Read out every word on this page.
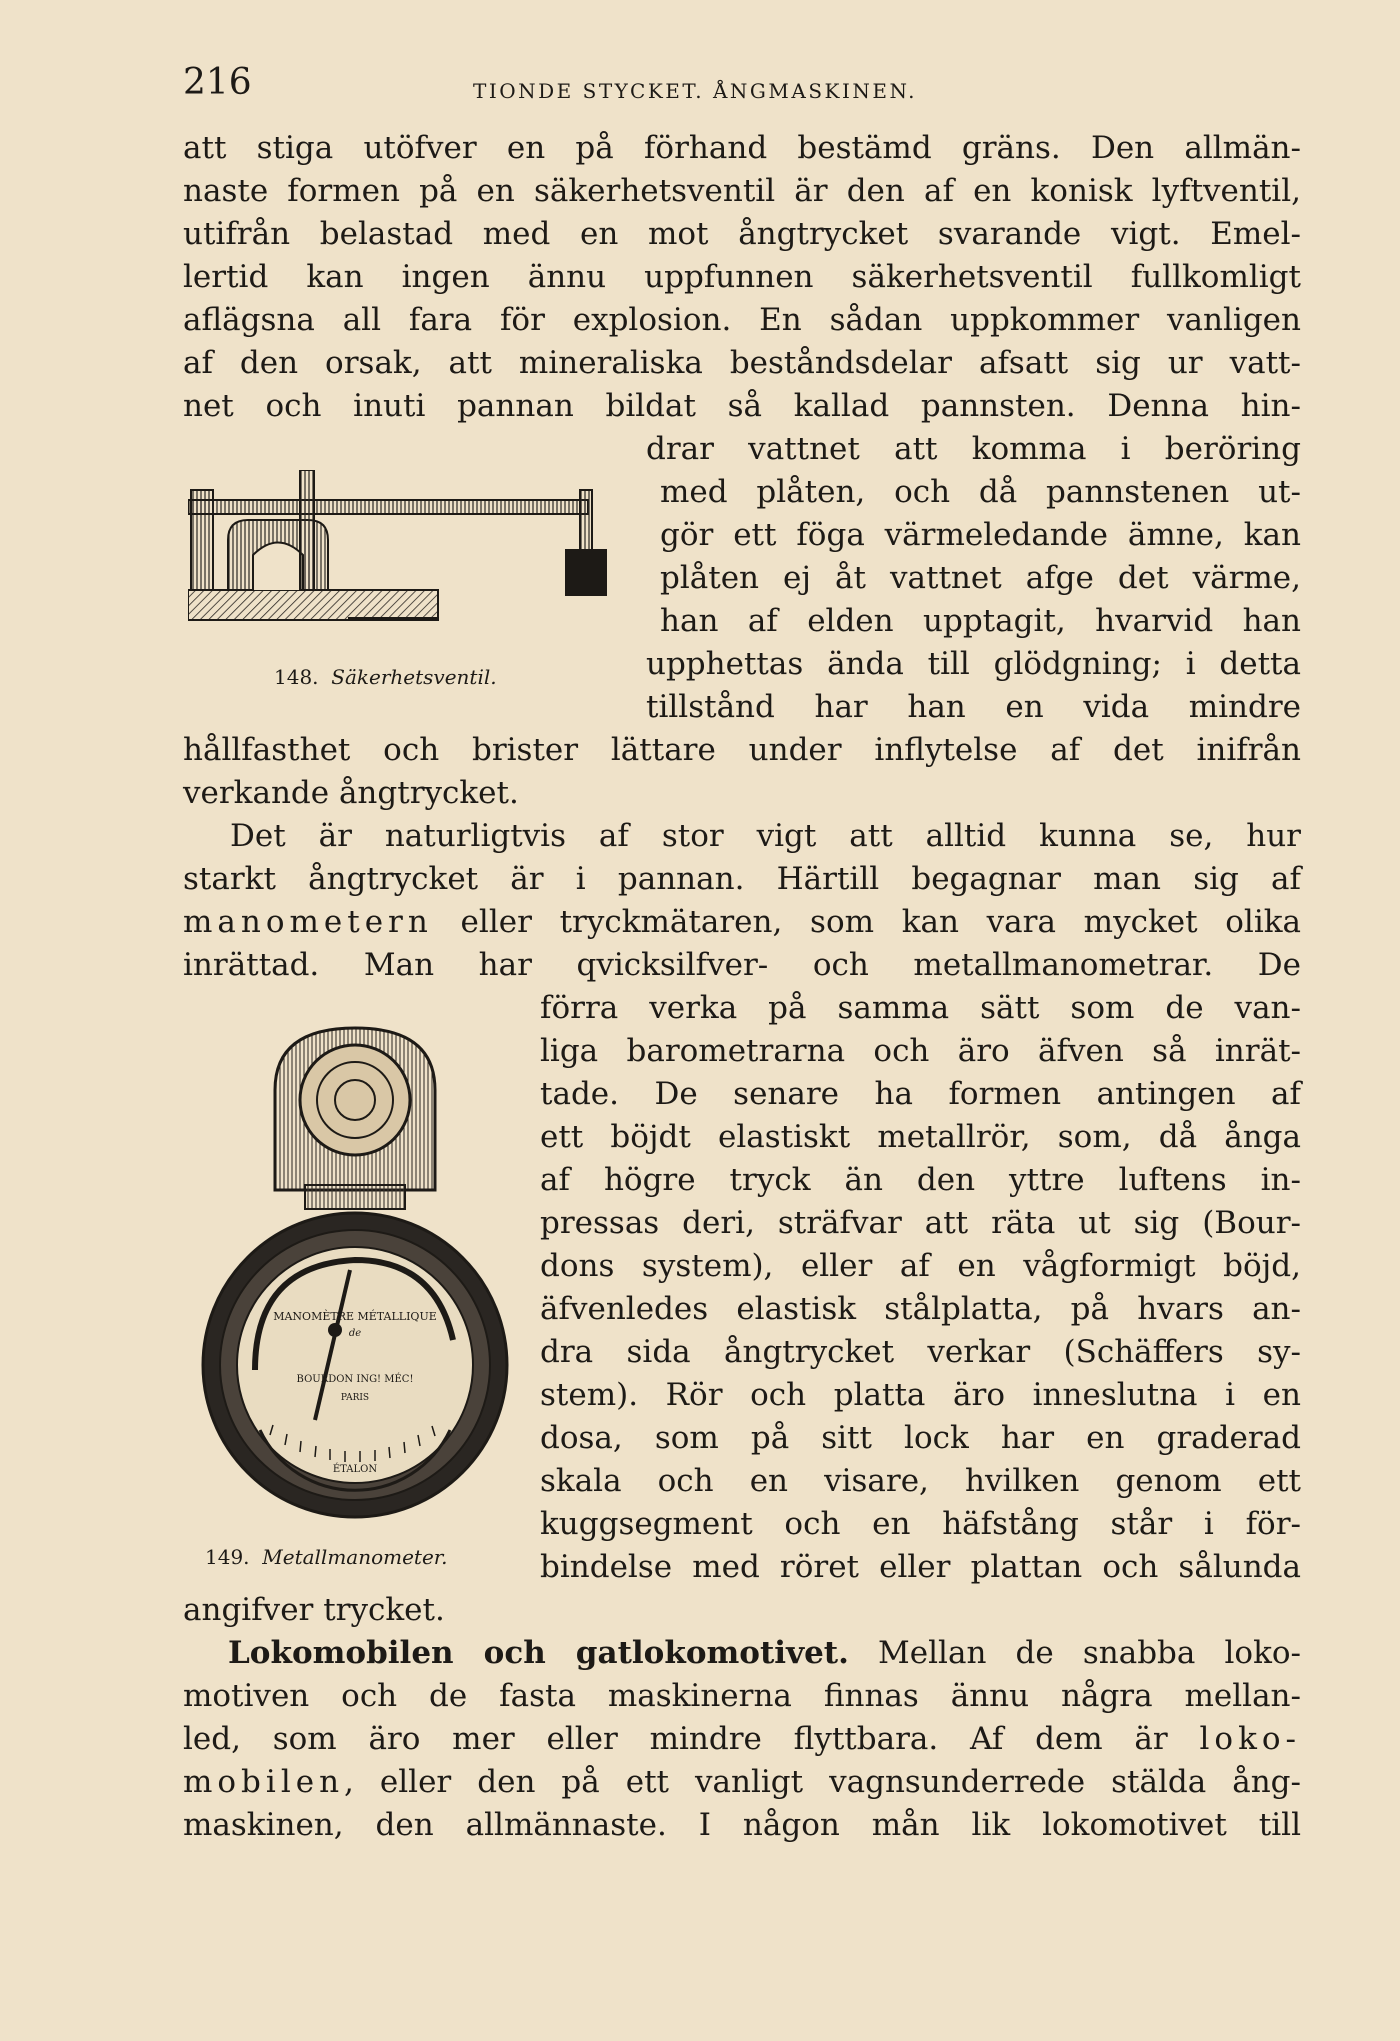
216	TIONDE STYCKET. ÅNGMASKINEN.
att stiga utöfver en på förhand bestämd gräns. Den allmän-
naste formen på en säkerhetsventil är den af en konisk lyftventil,
utifrån belastad med en mot ångtrycket svarande vigt. Emel-
lertid kan ingen ännu uppfunnen säkerhetsventil fullkomligt
aflägsna all fara för explosion. En sådan uppkommer vanligen
af den orsak, att mineraliska beståndsdelar afsatt sig ur vatt-
net och inuti pannan bildat så kallad pannsten. Denna hin-
drar vattnet att komma i beröring
med plåten, och då pannstenen ut-
gör ett föga värmeledande ämne, kan
plåten ej åt vattnet afge det värme,
han af elden upptagit, hvarvid han
upphettas ända till glödgning; i detta
tillstånd har han en vida mindre
hållfasthet och brister lättare under inflytelse af det inifrån
verkande ångtrycket.
Det är naturligtvis af stor vigt att alltid kunna se, hur
starkt ångtrycket är i pannan. Härtill begagnar man sig af
manometern eller tryckmätaren, som kan vara mycket olika
inrättad. Man har qvicksilfver- och metallmanometrar. De
förra verka på samma sätt som de van-
liga barometrarna och äro äfven så inrät-
tade. De senare ha formen antingen af
ett böjdt elastiskt metallrör, som, då ånga
af högre tryck än den yttre luftens in-
pressas deri, sträfvar att räta ut sig (Bour-
dons system), eller af en vågformigt böjd,
äfvenledes elastisk stålplatta, på hvars an-
dra sida ångtrycket verkar (Schäffers sy-
stem). Rör och platta äro inneslutna i en
dosa, som på sitt lock har en graderad
skala och en visare, hvilken genom ett
kuggsegment och en häfstång står i för-
bindelse med röret eller plattan och sålunda
angifver trycket.
Lokomobilen och gatlokomotivet. Mellan de snabba loko-
motiven och de fasta maskinerna finnas ännu några mellan-
led, som äro mer eller mindre flyttbara. Af dem är loko-
mobilen, eller den på ett vanligt vagnsunderrede stälda ång-
maskinen, den allmännaste. I någon mån lik lokomotivet till
148. Säkerhetsventil.
MANOMÈTRE MÉTALLIQUE
de
BOURDON ING! MÉC!
PARIS
ÉTALON
149. Metallmanometer.
